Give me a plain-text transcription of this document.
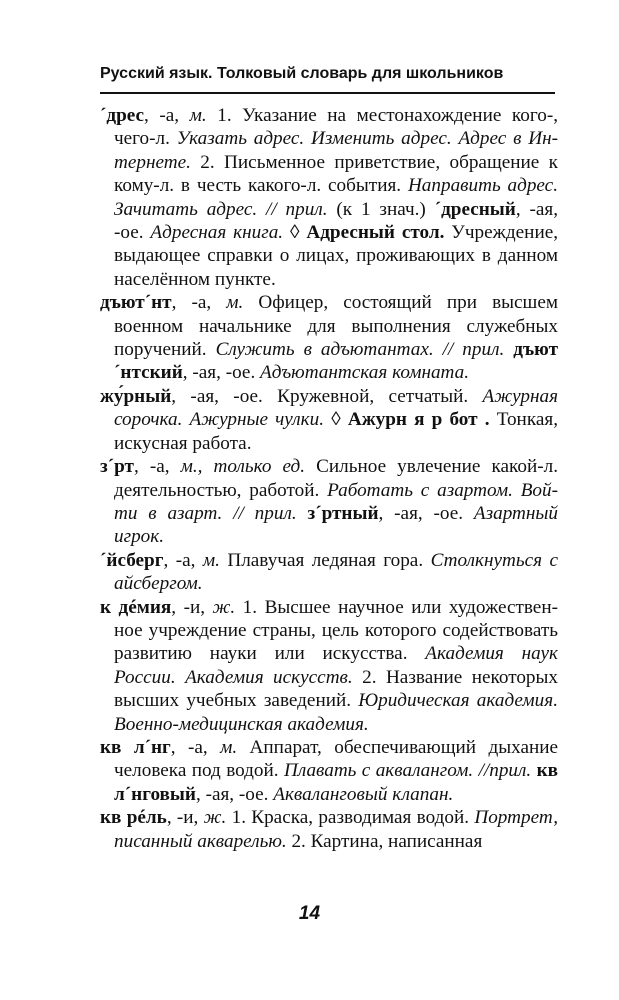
Русский язык. Толковый словарь для школьников

´дрес, -а, м. 1. Указание на местонахождение кого-, чего-л. Указать адрес. Изменить адрес. Адрес в Интернете. 2. Письменное приветствие, обращение к кому-л. в честь какого-л. события. Направить адрес. Зачитать адрес. // прил. (к 1 знач.) ´дресный, -ая, -ое. Адресная книга. ◊ Адресный стол. Учреждение, выдающее справки о лицах, проживающих в данном населённом пункте.

дъют´нт, -а, м. Офицер, состоящий при высшем военном начальнике для выполнения служебных поручений. Служить в адъютантах. // прил. дъют´нтский, -ая, -ое. Адъютантская комната.

жу́рный, -ая, -ое. Кружевной, сетчатый. Ажурная сорочка. Ажурные чулки. ◊ Ажурн я р бот . Тонкая, искусная работа.

з´рт, -а, м., только ед. Сильное увлечение какой-л. деятельностью, работой. Работать с азартом. Войти в азарт. // прил. з´ртный, -ая, -ое. Азартный игрок.

´йсберг, -а, м. Плавучая ледяная гора. Столкнуться с айсбергом.

к дéмия, -и, ж. 1. Высшее научное или художественное учреждение страны, цель которого содействовать развитию науки или искусства. Академия наук России. Академия искусств. 2. Название некоторых высших учебных заведений. Юридическая академия. Военно-медицинская академия.

кв л´нг, -а, м. Аппарат, обеспечивающий дыхание человека под водой. Плавать с аквалангом. //прил. кв л´нговый, -ая, -ое. Акваланговый клапан.

кв рéль, -и, ж. 1. Краска, разводимая водой. Портрет, писанный акварелью. 2. Картина, написанная

14
